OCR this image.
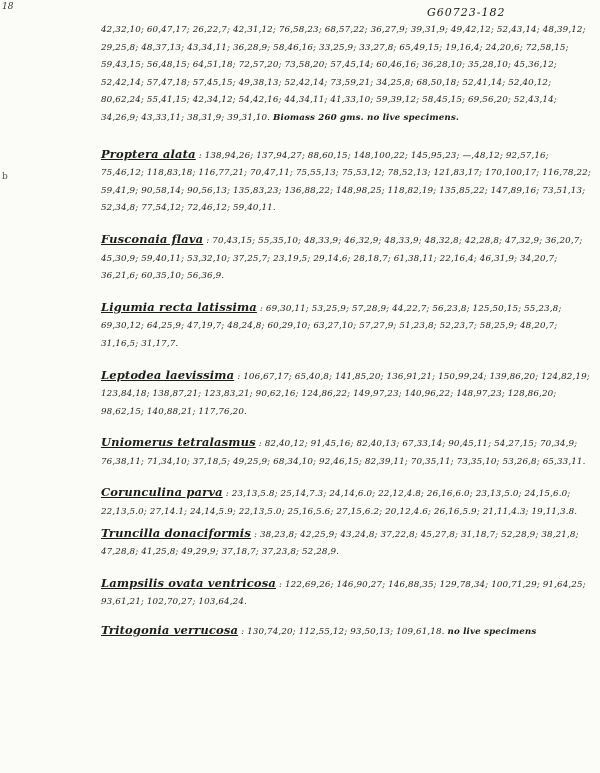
18	G60723-182
b
42,32,10; 60,47,17; 26,22,7; 42,31,12; 76,58,23; 68,57,22; 36,27,9; 39,31,9; 49,42,12; 52,43,14; 48,39,12; 29,25,8; 48,37,13; 43,34,11; 36,28,9; 58,46,16; 33,25,9; 33,27,8; 65,49,15; 19,16,4; 24,20,6; 72,58,15; 59,43,15; 56,48,15; 64,51,18; 72,57,20; 73,58,20; 57,45,14; 60,46,16; 36,28,10; 35,28,10; 45,36,12; 52,42,14; 57,47,18; 57,45,15; 49,38,13; 52,42,14; 73,59,21; 34,25,8; 68,50,18; 52,41,14; 52,40,12; 80,62,24; 55,41,15; 42,34,12; 54,42,16; 44,34,11; 41,33,10; 59,39,12; 58,45,15; 69,56,20; 52,43,14; 34,26,9; 43,33,11; 38,31,9; 39,31,10. Biomass 260 gms. no live specimens.
Proptera alata : 138,94,26; 137,94,27; 88,60,15; 148,100,22; 145,95,23; —,48,12; 92,57,16; 75,46,12; 118,83,18; 116,77,21; 70,47,11; 75,55,13; 75,53,12; 78,52,13; 121,83,17; 170,100,17; 116,78,22; 59,41,9; 90,58,14; 90,56,13; 135,83,23; 136,88,22; 148,98,25; 118,82,19; 135,85,22; 147,89,16; 73,51,13; 52,34,8; 77,54,12; 72,46,12; 59,40,11.
Fusconaia flava : 70,43,15; 55,35,10; 48,33,9; 46,32,9; 48,33,9; 48,32,8; 42,28,8; 47,32,9; 36,20,7; 45,30,9; 59,40,11; 53,32,10; 37,25,7; 23,19,5; 29,14,6; 28,18,7; 61,38,11; 22,16,4; 46,31,9; 34,20,7; 36,21,6; 60,35,10; 56,36,9.
Ligumia recta latissima : 69,30,11; 53,25,9; 57,28,9; 44,22,7; 56,23,8; 125,50,15; 55,23,8; 69,30,12; 64,25,9; 47,19,7; 48,24,8; 60,29,10; 63,27,10; 57,27,9; 51,23,8; 52,23,7; 58,25,9; 48,20,7; 31,16,5; 31,17,7.
Leptodea laevissima : 106,67,17; 65,40,8; 141,85,20; 136,91,21; 150,99,24; 139,86,20; 124,82,19; 123,84,18; 138,87,21; 123,83,21; 90,62,16; 124,86,22; 149,97,23; 140,96,22; 148,97,23; 128,86,20; 98,62,15; 140,88,21; 117,76,20.
Uniomerus tetralasmus : 82,40,12; 91,45,16; 82,40,13; 67,33,14; 90,45,11; 54,27,15; 70,34,9; 76,38,11; 71,34,10; 37,18,5; 49,25,9; 68,34,10; 92,46,15; 82,39,11; 70,35,11; 73,35,10; 53,26,8; 65,33,11.
Corunculina parva : 23,13,5.8; 25,14,7.3; 24,14,6.0; 22,12,4.8; 26,16,6.0; 23,13,5.0; 24,15,6.0; 22,13,5.0; 27,14.1; 24,14,5.9; 22,13,5.0; 25,16,5.6; 27,15,6.2; 20,12,4.6; 26,16,5.9; 21,11,4.3; 19,11,3.8.
Truncilla donaciformis : 38,23,8; 42,25,9; 43,24,8; 37,22,8; 45,27,8; 31,18,7; 52,28,9; 38,21,8; 47,28,8; 41,25,8; 49,29,9; 37,18,7; 37,23,8; 52,28,9.
Lampsilis ovata ventricosa : 122,69,26; 146,90,27; 146,88,35; 129,78,34; 100,71,29; 91,64,25; 93,61,21; 102,70,27; 103,64,24.
Tritogonia verrucosa : 130,74,20; 112,55,12; 93,50,13; 109,61,18. no live specimens
